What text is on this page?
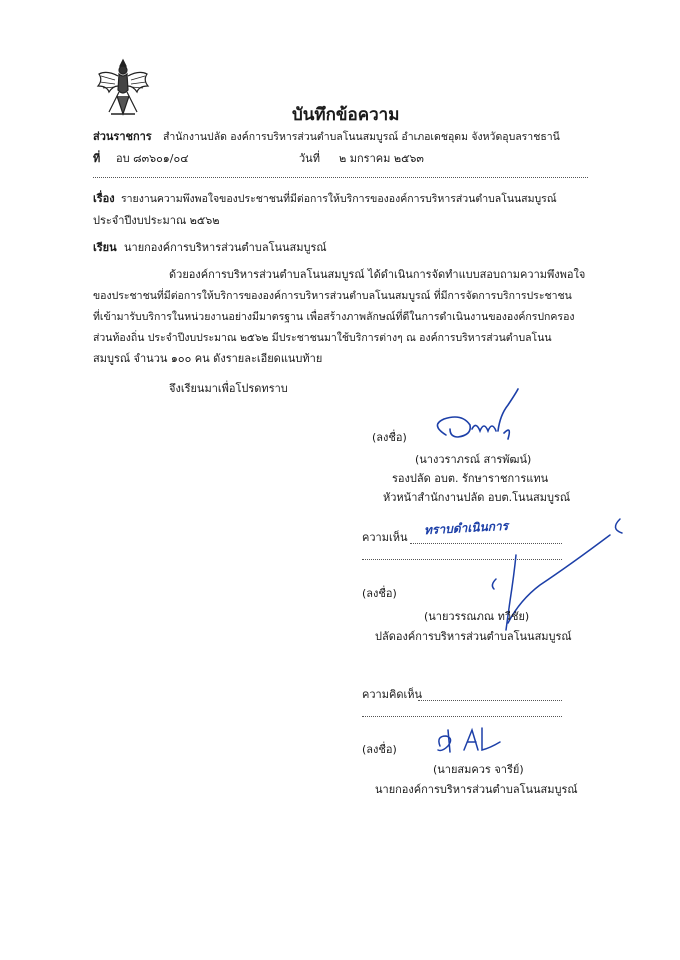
บันทึกข้อความ
ส่วนราชการ สำนักงานปลัด องค์การบริหารส่วนตำบลโนนสมบูรณ์ อำเภอเดชอุดม จังหวัดอุบลราชธานี
ที่ อบ ๘๓๖๐๑/๐๔	วันที่ ๒ มกราคม ๒๕๖๓
เรื่อง รายงานความพึงพอใจของประชาชนที่มีต่อการให้บริการขององค์การบริหารส่วนตำบลโนนสมบูรณ์
ประจำปีงบประมาณ ๒๕๖๒
เรียน นายกองค์การบริหารส่วนตำบลโนนสมบูรณ์
ด้วยองค์การบริหารส่วนตำบลโนนสมบูรณ์ ได้ดำเนินการจัดทำแบบสอบถามความพึงพอใจ
ของประชาชนที่มีต่อการให้บริการขององค์การบริหารส่วนตำบลโนนสมบูรณ์ ที่มีการจัดการบริการประชาชน
ที่เข้ามารับบริการในหน่วยงานอย่างมีมาตรฐาน เพื่อสร้างภาพลักษณ์ที่ดีในการดำเนินงานขององค์กรปกครอง
ส่วนท้องถิ่น ประจำปีงบประมาณ ๒๕๖๒ มีประชาชนมาใช้บริการต่างๆ ณ องค์การบริหารส่วนตำบลโนน
สมบูรณ์ จำนวน ๑๐๐ คน ดังรายละเอียดแนบท้าย
จึงเรียนมาเพื่อโปรดทราบ
(ลงชื่อ)
(นางวราภรณ์ สารพัฒน์)
รองปลัด อบต. รักษาราชการแทน
หัวหน้าสำนักงานปลัด อบต.โนนสมบูรณ์
ความเห็น
ทราบดำเนินการ
(ลงชื่อ)
(นายวรรณภณ ทวีชัย)
ปลัดองค์การบริหารส่วนตำบลโนนสมบูรณ์
ความคิดเห็น
(ลงชื่อ)
(นายสมควร จารีย์)
นายกองค์การบริหารส่วนตำบลโนนสมบูรณ์
